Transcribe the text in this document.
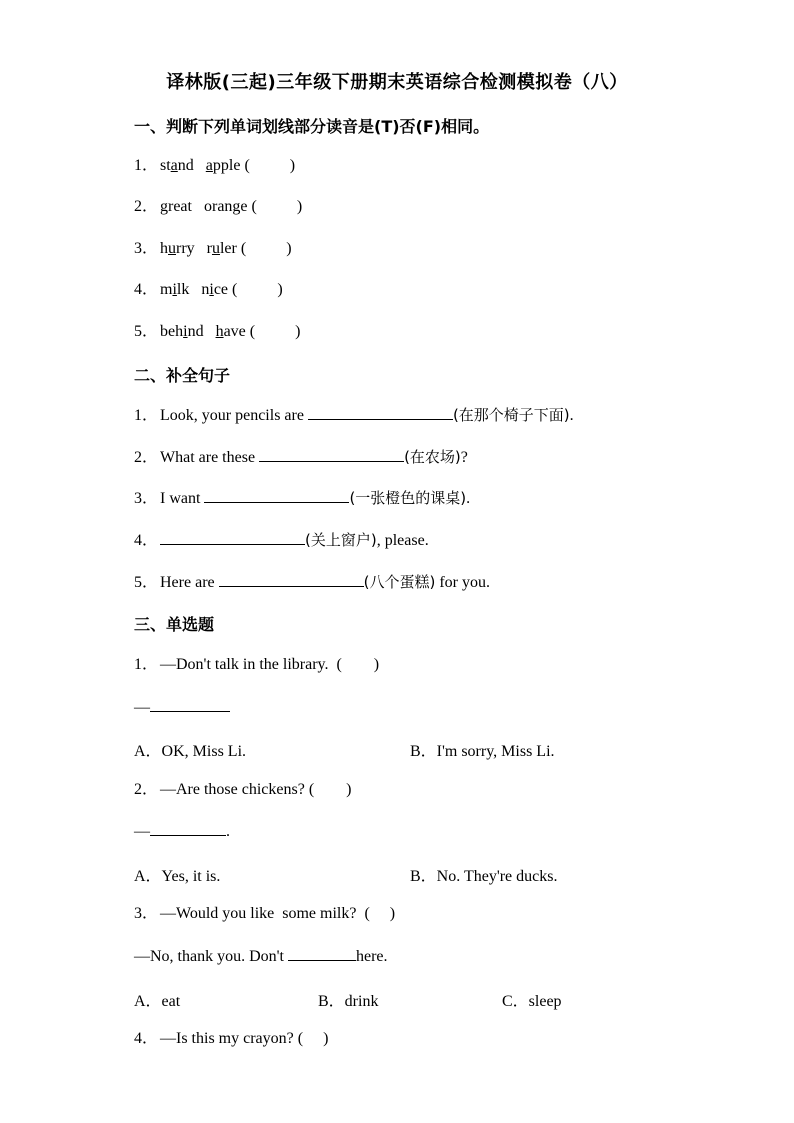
译林版(三起)三年级下册期末英语综合检测模拟卷（八）
一、判断下列单词划线部分读音是(T)否(F)相同。
1． stand apple (          )
2． great orange (          )
3． hurry ruler (          )
4． milk nice (          )
5． behind have (          )
二、补全句子
1． Look, your pencils are	(在那个椅子下面).
2． What are these	(在农场)?
3． I want	(一张橙色的课桌).
4．	(关上窗户), please.
5． Here are	(八个蛋糕) for you.
三、单选题
1． —Don't talk in the library.  (        )
—
A．OK, Miss Li.	B．I'm sorry, Miss Li.
2． —Are those chickens? (        )
—	.
A．Yes, it is.	B．No. They're ducks.
3． —Would you like  some milk?  (     )
—No, thank you. Don't	here.
A．eat	B．drink	C．sleep
4． —Is this my crayon? (     )
